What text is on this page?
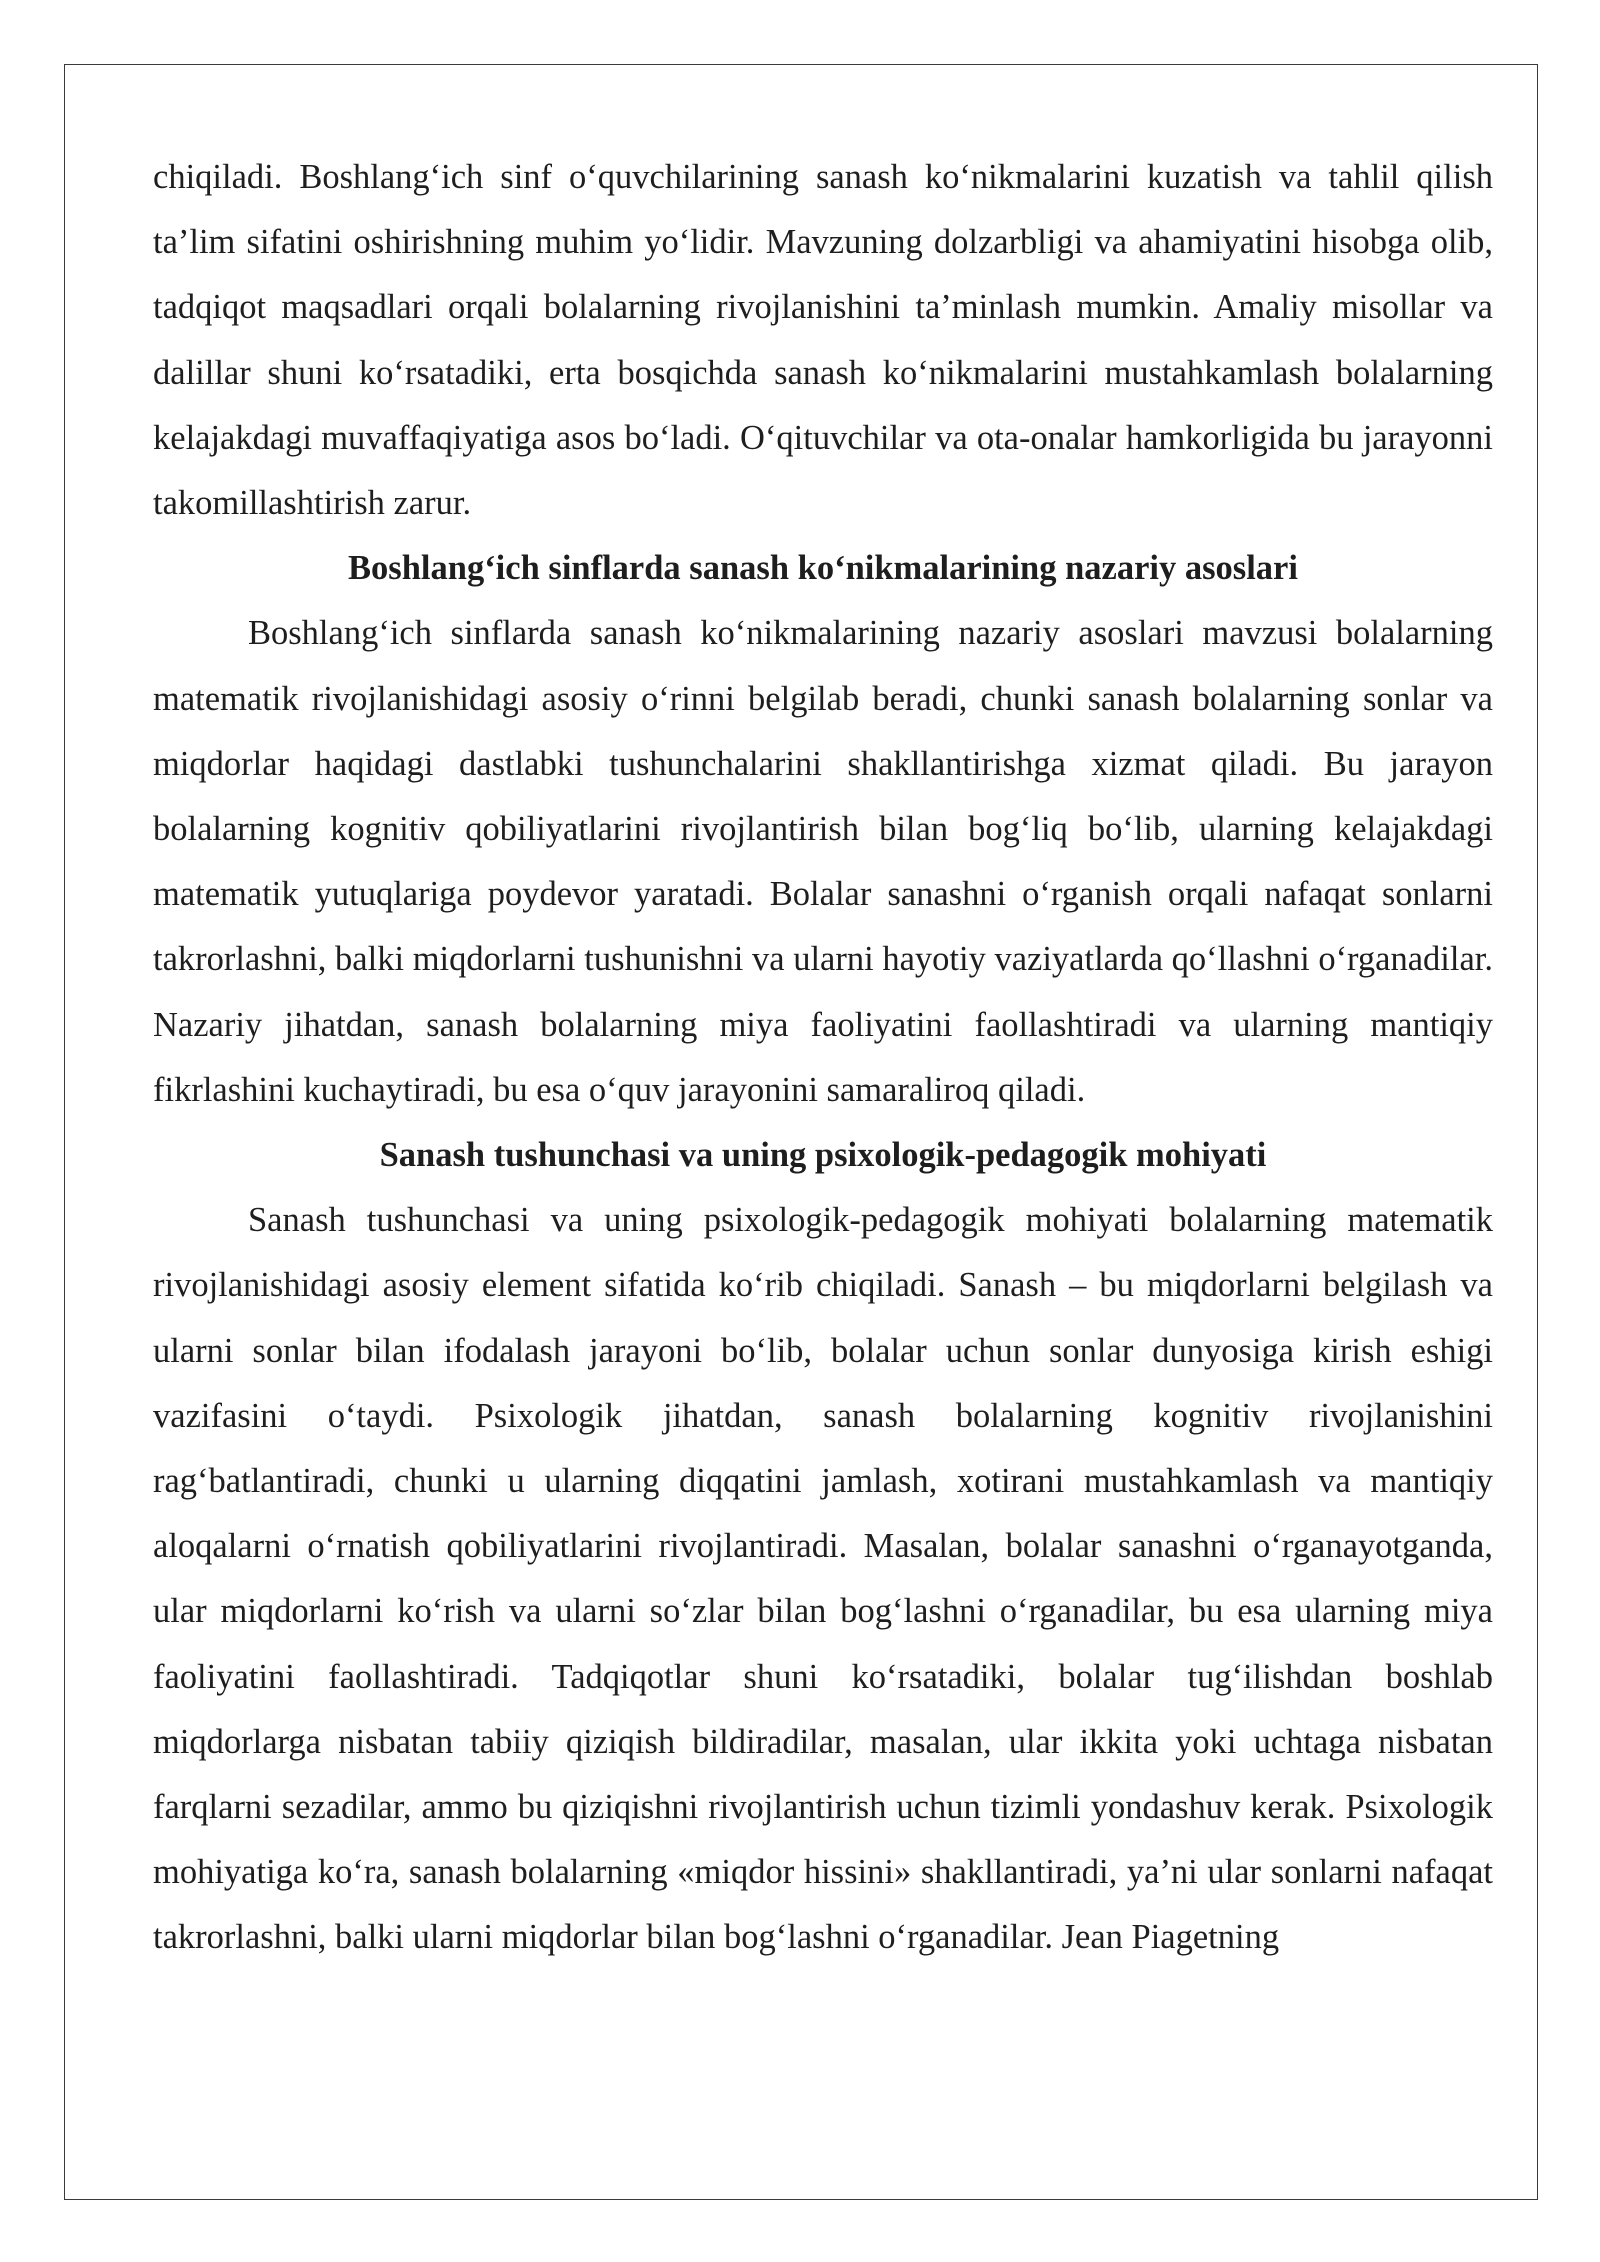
chiqiladi. Boshlang‘ich sinf o‘quvchilarining sanash ko‘nikmalarini kuzatish va tahlil qilish ta’lim sifatini oshirishning muhim yo‘lidir. Mavzuning dolzarbligi va ahamiyatini hisobga olib, tadqiqot maqsadlari orqali bolalarning rivojlanishini ta’minlash mumkin. Amaliy misollar va dalillar shuni ko‘rsatadiki, erta bosqichda sanash ko‘nikmalarini mustahkamlash bolalarning kelajakdagi muvaffaqiyatiga asos bo‘ladi. O‘qituvchilar va ota-onalar hamkorligida bu jarayonni takomillashtirish zarur.

Boshlang‘ich sinflarda sanash ko‘nikmalarining nazariy asoslari

Boshlang‘ich sinflarda sanash ko‘nikmalarining nazariy asoslari mavzusi bolalarning matematik rivojlanishidagi asosiy o‘rinni belgilab beradi, chunki sanash bolalarning sonlar va miqdorlar haqidagi dastlabki tushunchalarini shakllantirishga xizmat qiladi. Bu jarayon bolalarning kognitiv qobiliyatlarini rivojlantirish bilan bog‘liq bo‘lib, ularning kelajakdagi matematik yutuqlariga poydevor yaratadi. Bolalar sanashni o‘rganish orqali nafaqat sonlarni takrorlashni, balki miqdorlarni tushunishni va ularni hayotiy vaziyatlarda qo‘llashni o‘rganadilar. Nazariy jihatdan, sanash bolalarning miya faoliyatini faollashtiradi va ularning mantiqiy fikrlashini kuchaytiradi, bu esa o‘quv jarayonini samaraliroq qiladi.

Sanash tushunchasi va uning psixologik-pedagogik mohiyati

Sanash tushunchasi va uning psixologik-pedagogik mohiyati bolalarning matematik rivojlanishidagi asosiy element sifatida ko‘rib chiqiladi. Sanash – bu miqdorlarni belgilash va ularni sonlar bilan ifodalash jarayoni bo‘lib, bolalar uchun sonlar dunyosiga kirish eshigi vazifasini o‘taydi. Psixologik jihatdan, sanash bolalarning kognitiv rivojlanishini rag‘batlantiradi, chunki u ularning diqqatini jamlash, xotirani mustahkamlash va mantiqiy aloqalarni o‘rnatish qobiliyatlarini rivojlantiradi. Masalan, bolalar sanashni o‘rganayotganda, ular miqdorlarni ko‘rish va ularni so‘zlar bilan bog‘lashni o‘rganadilar, bu esa ularning miya faoliyatini faollashtiradi. Tadqiqotlar shuni ko‘rsatadiki, bolalar tug‘ilishdan boshlab miqdorlarga nisbatan tabiiy qiziqish bildiradilar, masalan, ular ikkita yoki uchtaga nisbatan farqlarni sezadilar, ammo bu qiziqishni rivojlantirish uchun tizimli yondashuv kerak. Psixologik mohiyatiga ko‘ra, sanash bolalarning «miqdor hissini» shakllantiradi, ya’ni ular sonlarni nafaqat takrorlashni, balki ularni miqdorlar bilan bog‘lashni o‘rganadilar. Jean Piagetning
